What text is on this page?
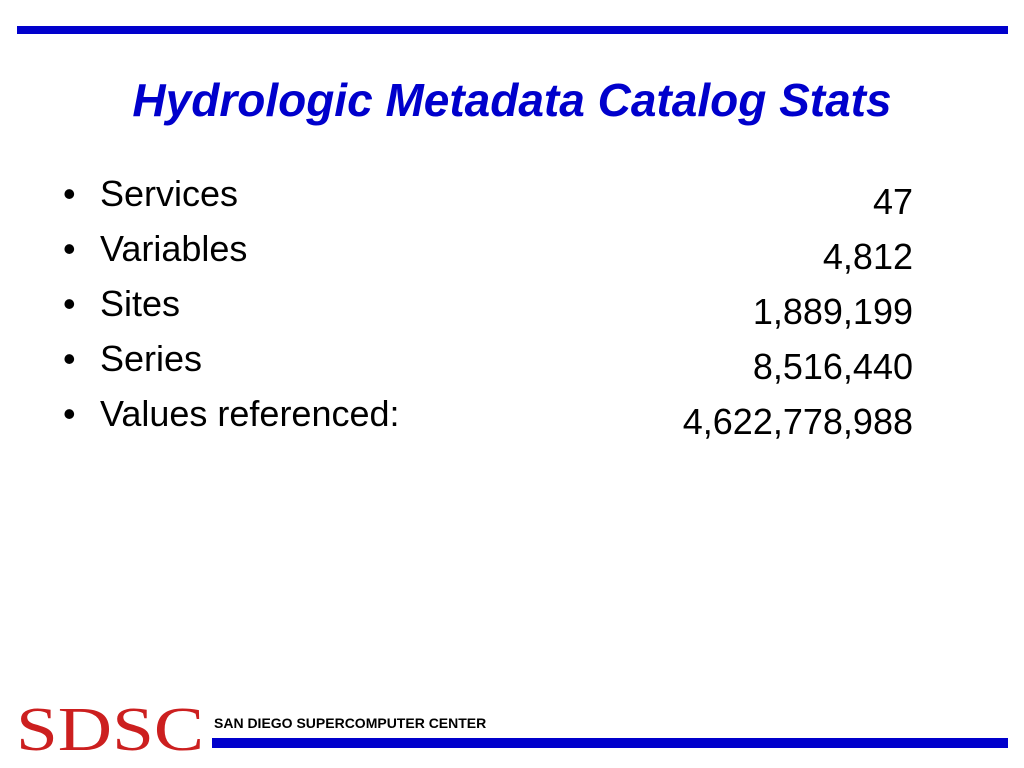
Hydrologic Metadata Catalog Stats
• Services	47
• Variables	4,812
• Sites	1,889,199
• Series	8,516,440
• Values referenced:	4,622,778,988
SDSC SAN DIEGO SUPERCOMPUTER CENTER
